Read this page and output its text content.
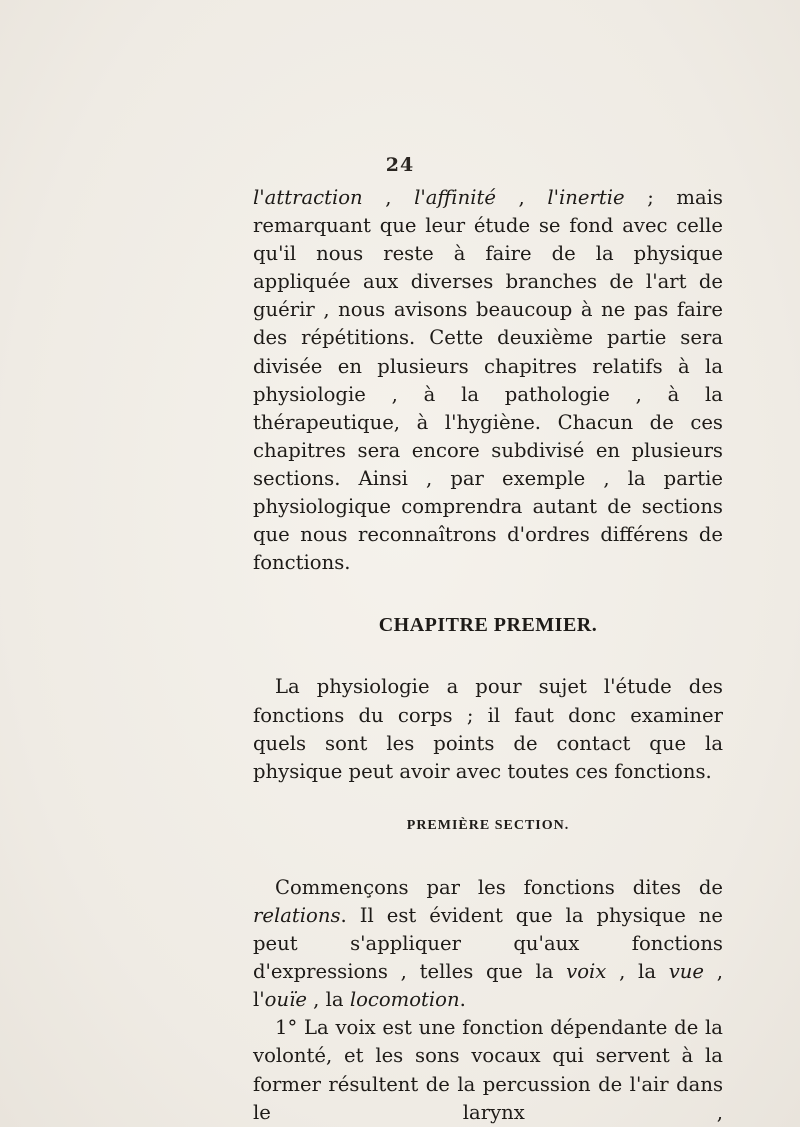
24

l'attraction , l'affinité , l'inertie ; mais remarquant que leur étude se fond avec celle qu'il nous reste à faire de la physique appliquée aux diverses branches de l'art de guérir , nous avisons beaucoup à ne pas faire des répétitions. Cette deuxième partie sera divisée en plusieurs chapitres relatifs à la physiologie , à la pathologie , à la thérapeutique, à l'hygiène. Chacun de ces chapitres sera encore subdivisé en plusieurs sections. Ainsi , par exemple , la partie physiologique comprendra autant de sections que nous reconnaîtrons d'ordres différens de fonctions.

CHAPITRE PREMIER.

La physiologie a pour sujet l'étude des fonctions du corps ; il faut donc examiner quels sont les points de contact que la physique peut avoir avec toutes ces fonctions.

PREMIÈRE SECTION.

Commençons par les fonctions dites de relations. Il est évident que la physique ne peut s'appliquer qu'aux fonctions d'expressions , telles que la voix , la vue , l'ouïe , la locomotion.

1° La voix est une fonction dépendante de la volonté, et les sons vocaux qui servent à la former résultent de la percussion de l'air dans le larynx ,
